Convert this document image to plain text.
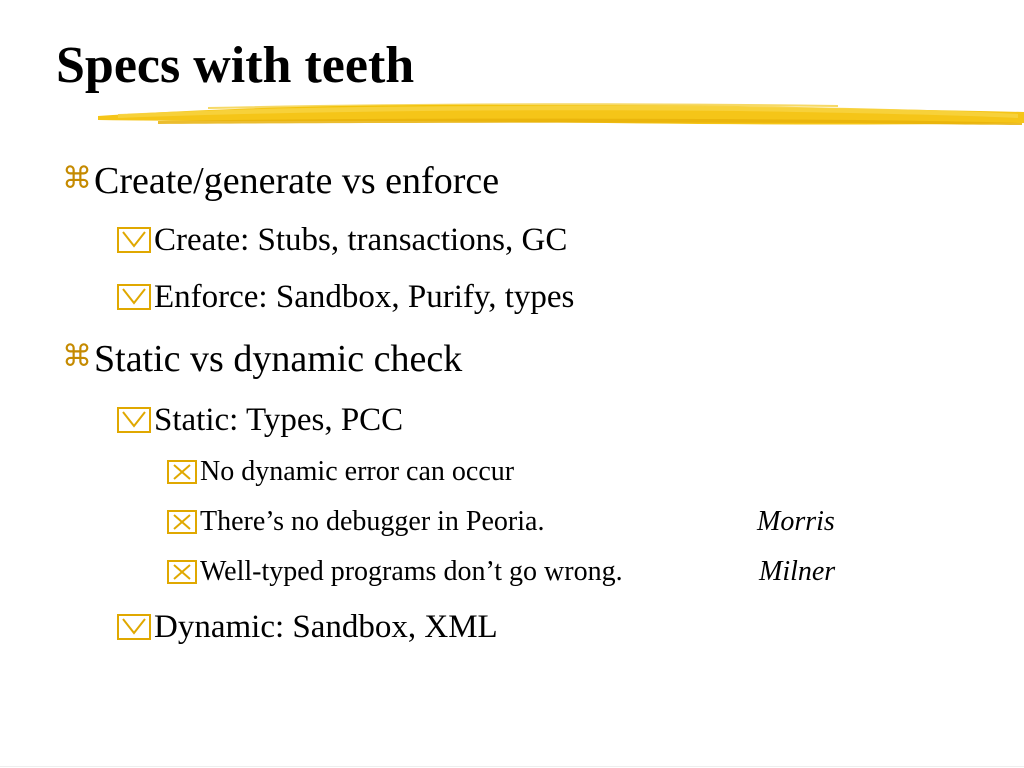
Specs with teeth
⌘ Create/generate vs enforce
Create: Stubs, transactions, GC
Enforce: Sandbox, Purify, types
⌘ Static vs dynamic check
Static: Types, PCC
No dynamic error can occur
There’s no debugger in Peoria.	Morris
Well-typed programs don’t go wrong.	Milner
Dynamic: Sandbox, XML
